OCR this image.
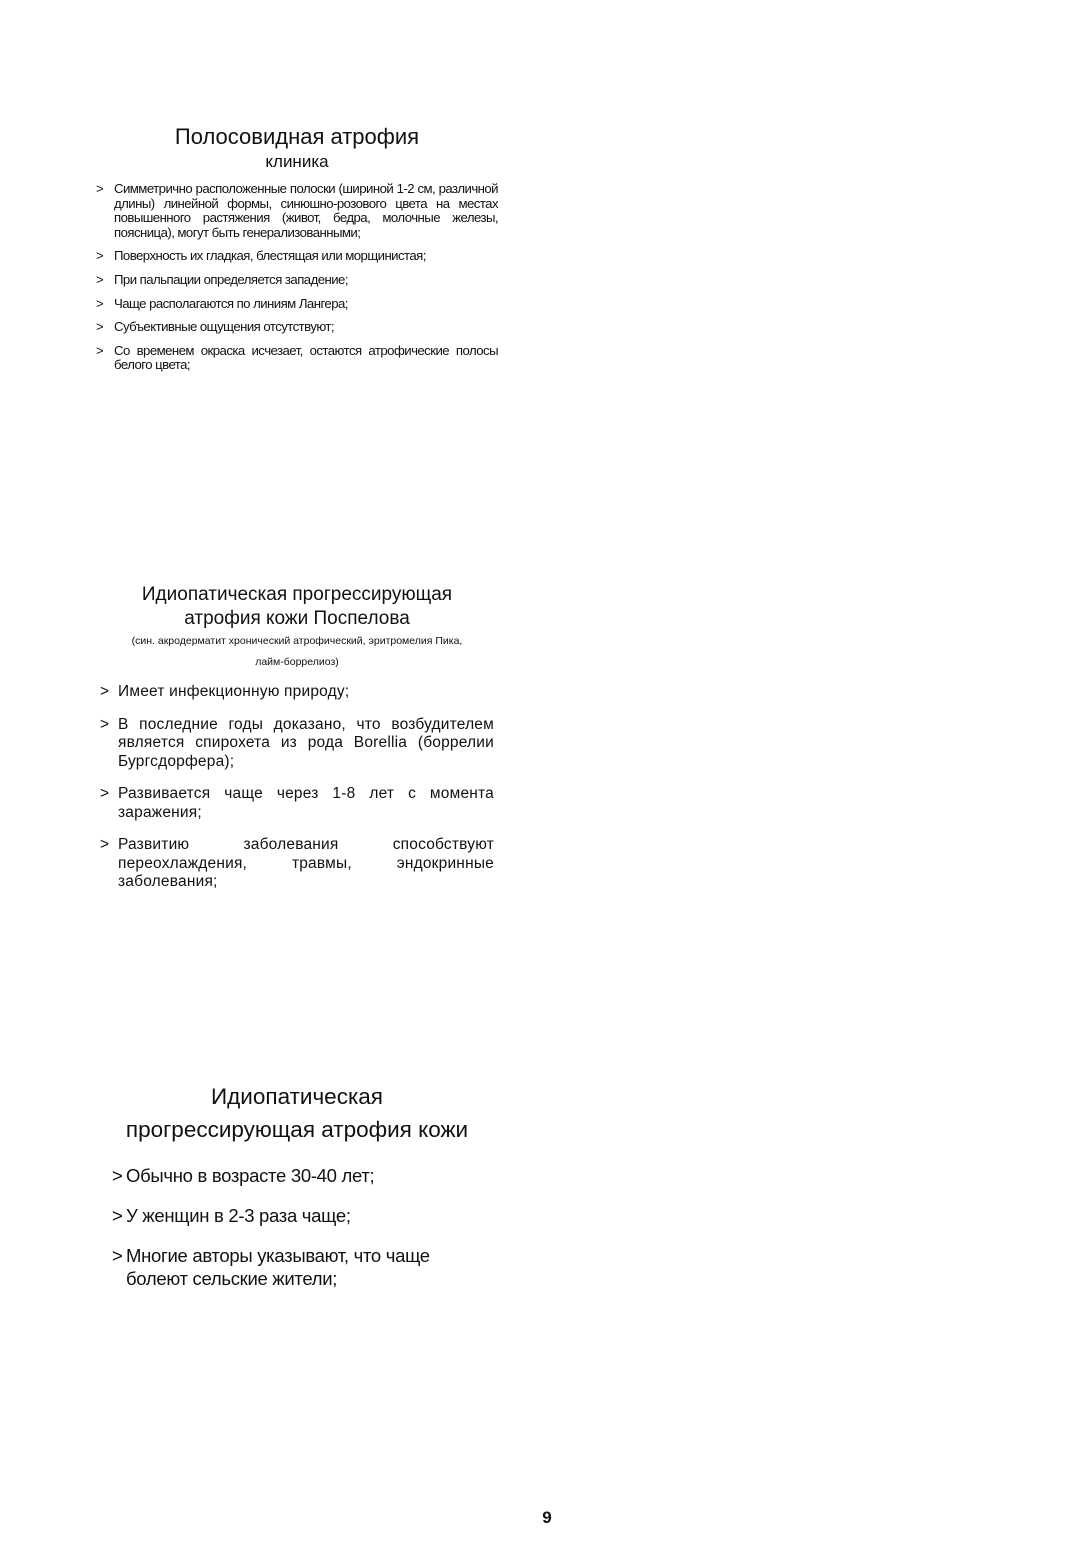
Полосовидная атрофия
клиника
> Симметрично расположенные полоски (шириной 1-2 см, различной длины) линейной формы, синюшно-розового цвета на местах повышенного растяжения (живот, бедра, молочные железы, поясница), могут быть генерализованными;
> Поверхность их гладкая, блестящая или морщинистая;
> При пальпации определяется западение;
> Чаще располагаются по линиям Лангера;
> Субъективные ощущения отсутствуют;
> Со временем окраска исчезает, остаются атрофические полосы белого цвета;
Идиопатическая прогрессирующая
атрофия кожи Поспелова
(син. акродерматит хронический атрофический, эритромелия Пика,
лайм-боррелиоз)
> Имеет инфекционную природу;
> В последние годы доказано, что возбудителем является спирохета из рода Borellia (боррелии Бургсдорфера);
> Развивается чаще через 1-8 лет с момента заражения;
> Развитию заболевания способствуют переохлаждения, травмы, эндокринные заболевания;
Идиопатическая
прогрессирующая атрофия кожи
> Обычно в возрасте 30-40 лет;
> У женщин в 2-3 раза чаще;
> Многие авторы указывают, что чаще болеют сельские жители;
9
